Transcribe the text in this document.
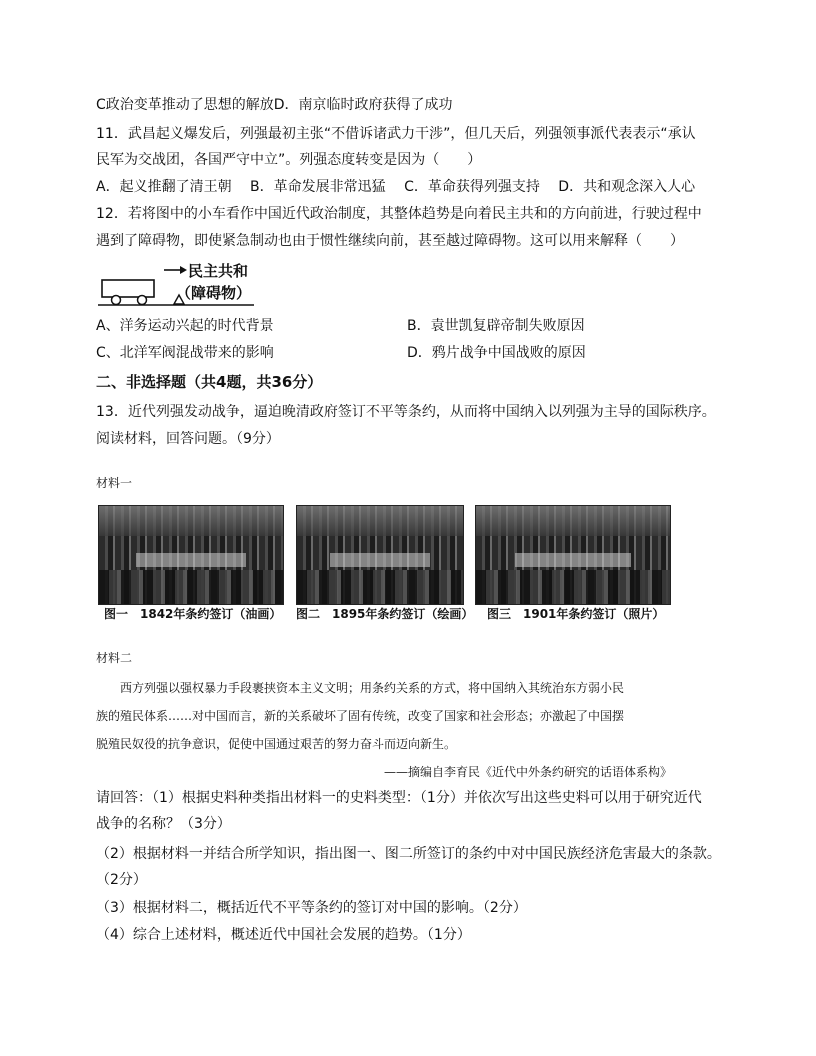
C政治变革推动了思想的解放D．南京临时政府获得了成功
11．武昌起义爆发后，列强最初主张“不借诉诸武力干涉”，但几天后，列强领事派代表表示“承认
民军为交战团，各国严守中立”。列强态度转变是因为（　　）
A．起义推翻了清王朝　 B．革命发展非常迅猛　 C．革命获得列强支持　 D．共和观念深入人心
12．若将图中的小车看作中国近代政治制度，其整体趋势是向着民主共和的方向前进，行驶过程中
遇到了障碍物，即使紧急制动也由于惯性继续向前，甚至越过障碍物。这可以用来解释（　　）
民主共和
（障碍物）
A、洋务运动兴起的时代背景	B．袁世凯复辟帝制失败原因
C、北洋军阀混战带来的影响	D．鸦片战争中国战败的原因
二、非选择题（共4题，共36分）
13．近代列强发动战争，逼迫晚清政府签订不平等条约，从而将中国纳入以列强为主导的国际秩序。
阅读材料，回答问题。（9分）
材料一
图一　1842年条约签订（油画） 图二　1895年条约签订（绘画） 图三　1901年条约签订（照片）
材料二
西方列强以强权暴力手段裹挟资本主义文明；用条约关系的方式，将中国纳入其统治东方弱小民
族的殖民体系……对中国而言，新的关系破坏了固有传统，改变了国家和社会形态；亦激起了中国摆
脱殖民奴役的抗争意识，促使中国通过艰苦的努力奋斗而迈向新生。
——摘编自李育民《近代中外条约研究的话语体系构》
请回答：（1）根据史料种类指出材料一的史料类型：（1分）并依次写出这些史料可以用于研究近代
战争的名称？（3分）
（2）根据材料一并结合所学知识，指出图一、图二所签订的条约中对中国民族经济危害最大的条款。
（2分）
（3）根据材料二，概括近代不平等条约的签订对中国的影响。（2分）
（4）综合上述材料，概述近代中国社会发展的趋势。（1分）
